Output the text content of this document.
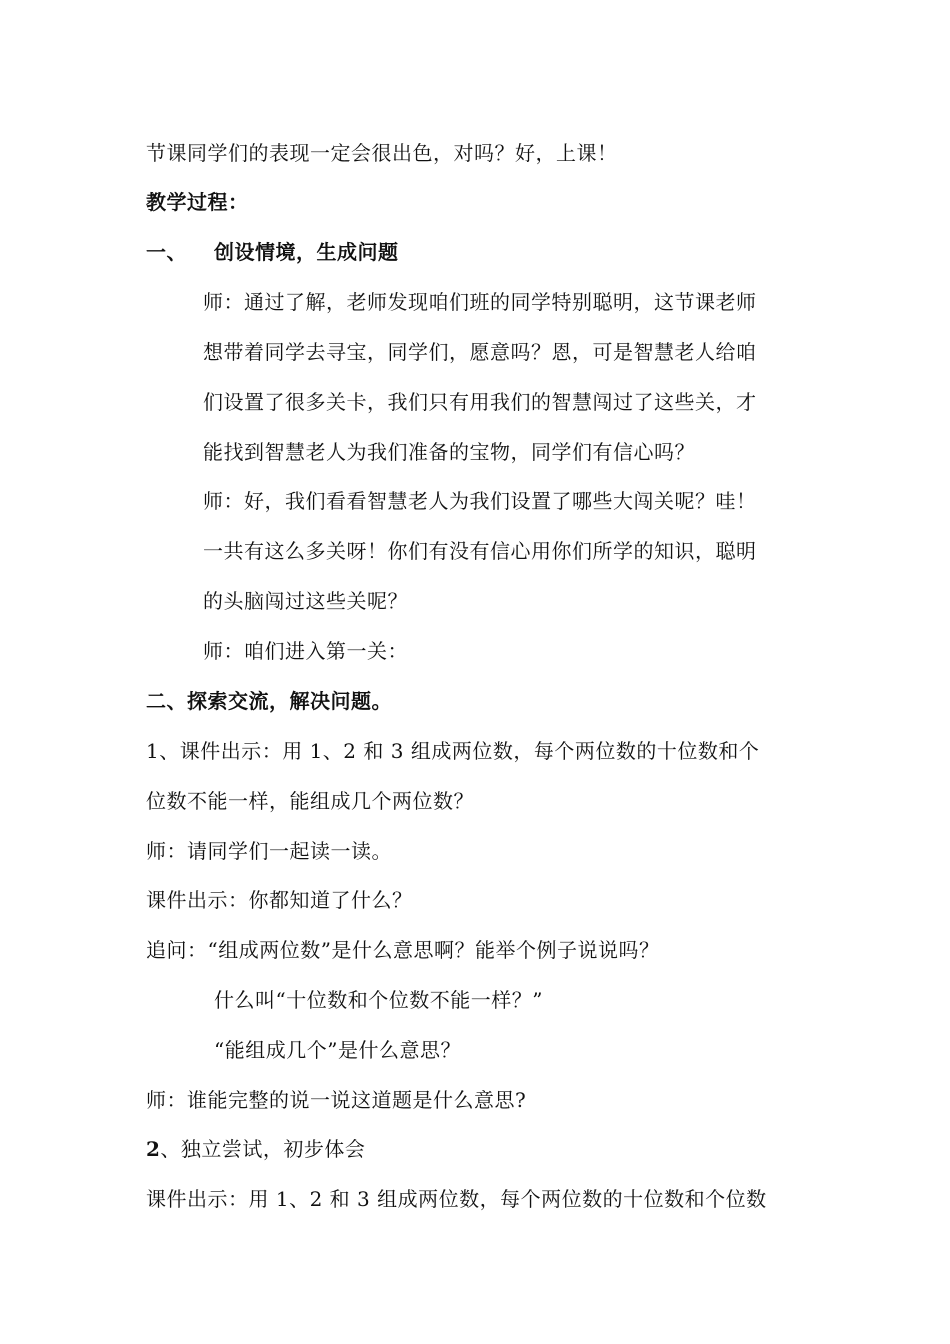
节课同学们的表现一定会很出色，对吗？好，上课！
教学过程：
一、 创设情境，生成问题
师：通过了解，老师发现咱们班的同学特别聪明，这节课老师
想带着同学去寻宝，同学们，愿意吗？恩，可是智慧老人给咱
们设置了很多关卡，我们只有用我们的智慧闯过了这些关，才
能找到智慧老人为我们准备的宝物，同学们有信心吗？
师：好，我们看看智慧老人为我们设置了哪些大闯关呢？哇！
一共有这么多关呀！你们有没有信心用你们所学的知识，聪明
的头脑闯过这些关呢？
师：咱们进入第一关：
二、探索交流，解决问题。
1、课件出示：用 1、2 和 3 组成两位数，每个两位数的十位数和个
位数不能一样，能组成几个两位数？
师：请同学们一起读一读。
课件出示：你都知道了什么？
追问：“组成两位数”是什么意思啊？能举个例子说说吗？
什么叫“十位数和个位数不能一样？”
“能组成几个”是什么意思？
师：谁能完整的说一说这道题是什么意思?
2、独立尝试，初步体会
课件出示：用 1、2 和 3 组成两位数，每个两位数的十位数和个位数
